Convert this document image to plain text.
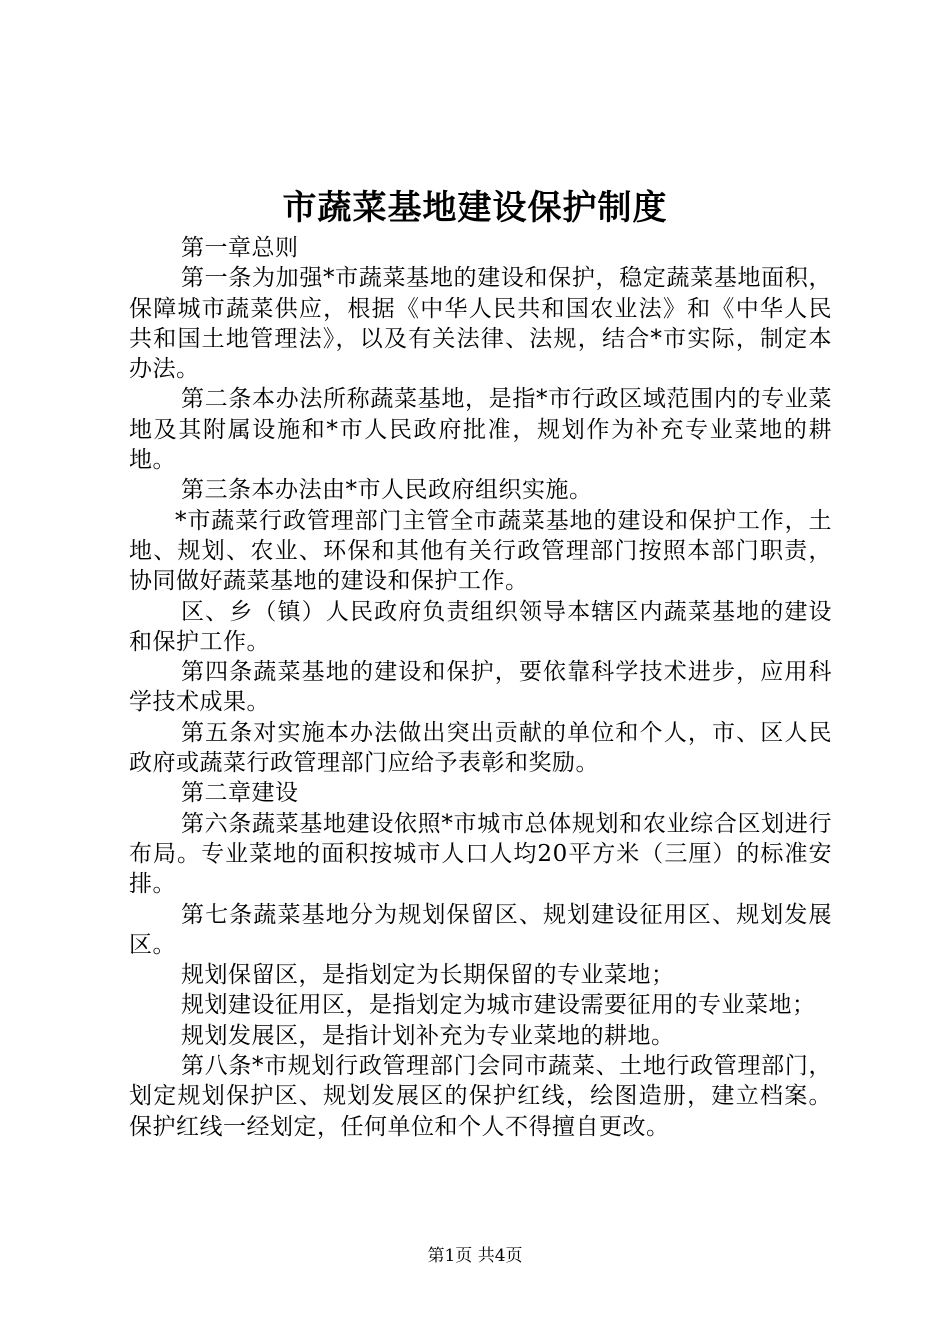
市蔬菜基地建设保护制度

第一章总则

第一条为加强*市蔬菜基地的建设和保护，稳定蔬菜基地面积，保障城市蔬菜供应，根据《中华人民共和国农业法》和《中华人民共和国土地管理法》，以及有关法律、法规，结合*市实际，制定本办法。

第二条本办法所称蔬菜基地，是指*市行政区域范围内的专业菜地及其附属设施和*市人民政府批准，规划作为补充专业菜地的耕地。

第三条本办法由*市人民政府组织实施。

*市蔬菜行政管理部门主管全市蔬菜基地的建设和保护工作，土地、规划、农业、环保和其他有关行政管理部门按照本部门职责，协同做好蔬菜基地的建设和保护工作。

区、乡（镇）人民政府负责组织领导本辖区内蔬菜基地的建设和保护工作。

第四条蔬菜基地的建设和保护，要依靠科学技术进步，应用科学技术成果。

第五条对实施本办法做出突出贡献的单位和个人，市、区人民政府或蔬菜行政管理部门应给予表彰和奖励。

第二章建设

第六条蔬菜基地建设依照*市城市总体规划和农业综合区划进行布局。专业菜地的面积按城市人口人均20平方米（三厘）的标准安排。

第七条蔬菜基地分为规划保留区、规划建设征用区、规划发展区。

规划保留区，是指划定为长期保留的专业菜地；

规划建设征用区，是指划定为城市建设需要征用的专业菜地；

规划发展区，是指计划补充为专业菜地的耕地。

第八条*市规划行政管理部门会同市蔬菜、土地行政管理部门，划定规划保护区、规划发展区的保护红线，绘图造册，建立档案。保护红线一经划定，任何单位和个人不得擅自更改。

第1页 共4页
